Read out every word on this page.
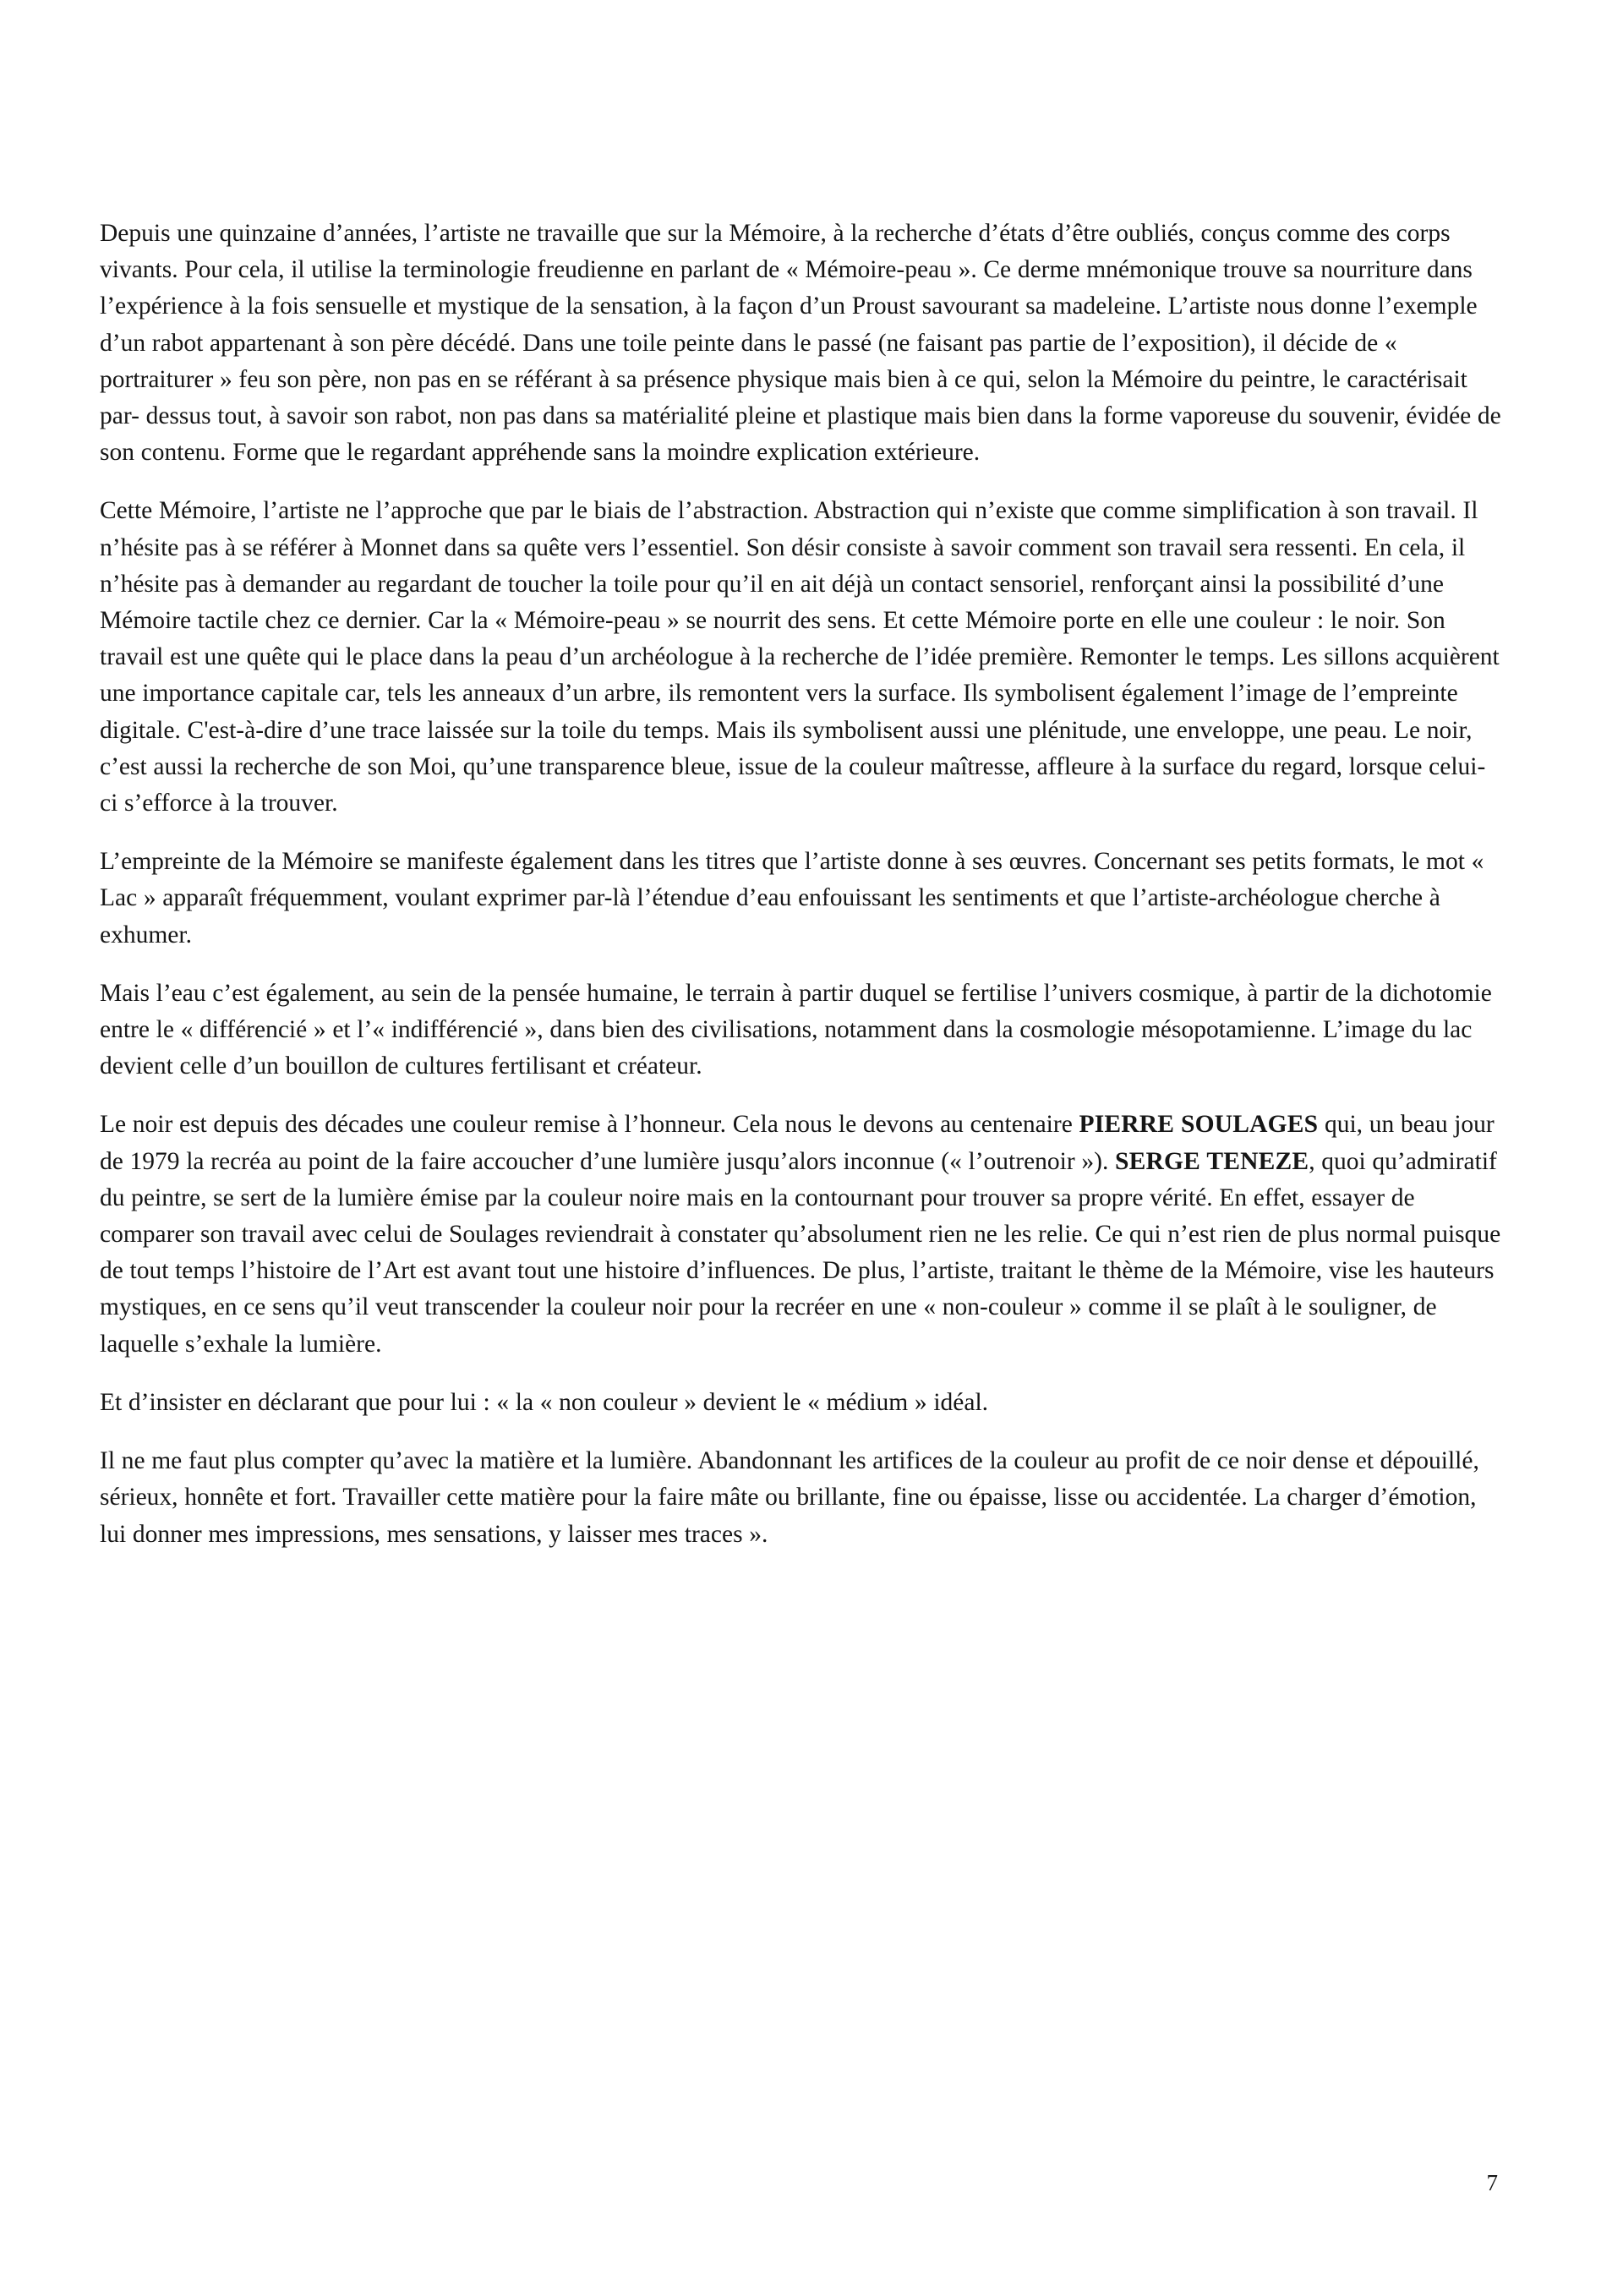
Depuis une quinzaine d’années, l’artiste ne travaille que sur la Mémoire, à la recherche d’états d’être oubliés, conçus comme des corps vivants. Pour cela, il utilise la terminologie freudienne en parlant de « Mémoire-peau ». Ce derme mnémonique trouve sa nourriture dans l’expérience à la fois sensuelle et mystique de la sensation, à la façon d’un Proust savourant sa madeleine. L’artiste nous donne l’exemple d’un rabot appartenant à son père décédé. Dans une toile peinte dans le passé (ne faisant pas partie de l’exposition), il décide de « portraiturer » feu son père, non pas en se référant à sa présence physique mais bien à ce qui, selon la Mémoire du peintre, le caractérisait par- dessus tout, à savoir son rabot, non pas dans sa matérialité pleine et plastique mais bien dans la forme vaporeuse du souvenir, évidée de son contenu. Forme que le regardant appréhende sans la moindre explication extérieure.

Cette Mémoire, l’artiste ne l’approche que par le biais de l’abstraction. Abstraction qui n’existe que comme simplification à son travail. Il n’hésite pas à se référer à Monnet dans sa quête vers l’essentiel. Son désir consiste à savoir comment son travail sera ressenti. En cela, il n’hésite pas à demander au regardant de toucher la toile pour qu’il en ait déjà un contact sensoriel, renforçant ainsi la possibilité d’une Mémoire tactile chez ce dernier. Car la « Mémoire-peau » se nourrit des sens. Et cette Mémoire porte en elle une couleur : le noir. Son travail est une quête qui le place dans la peau d’un archéologue à la recherche de l’idée première. Remonter le temps. Les sillons acquièrent une importance capitale car, tels les anneaux d’un arbre, ils remontent vers la surface. Ils symbolisent également l’image de l’empreinte digitale. C'est-à-dire d’une trace laissée sur la toile du temps. Mais ils symbolisent aussi une plénitude, une enveloppe, une peau. Le noir, c’est aussi la recherche de son Moi, qu’une transparence bleue, issue de la couleur maîtresse, affleure à la surface du regard, lorsque celui-ci s’efforce à la trouver.

L’empreinte de la Mémoire se manifeste également dans les titres que l’artiste donne à ses œuvres. Concernant ses petits formats, le mot « Lac » apparaît fréquemment, voulant exprimer par-là l’étendue d’eau enfouissant les sentiments et que l’artiste-archéologue cherche à exhumer.

Mais l’eau c’est également, au sein de la pensée humaine, le terrain à partir duquel se fertilise l’univers cosmique, à partir de la dichotomie entre le « différencié » et l’« indifférencié », dans bien des civilisations, notamment dans la cosmologie mésopotamienne. L’image du lac devient celle d’un bouillon de cultures fertilisant et créateur.

Le noir est depuis des décades une couleur remise à l’honneur. Cela nous le devons au centenaire PIERRE SOULAGES qui, un beau jour de 1979 la recréa au point de la faire accoucher d’une lumière jusqu’alors inconnue (« l’outrenoir »). SERGE TENEZE, quoi qu’admiratif du peintre, se sert de la lumière émise par la couleur noire mais en la contournant pour trouver sa propre vérité. En effet, essayer de comparer son travail avec celui de Soulages reviendrait à constater qu’absolument rien ne les relie. Ce qui n’est rien de plus normal puisque de tout temps l’histoire de l’Art est avant tout une histoire d’influences. De plus, l’artiste, traitant le thème de la Mémoire, vise les hauteurs mystiques, en ce sens qu’il veut transcender la couleur noir pour la recréer en une « non-couleur » comme il se plaît à le souligner, de laquelle s’exhale la lumière.

Et d’insister en déclarant que pour lui : « la « non couleur » devient le « médium » idéal.

Il ne me faut plus compter qu’avec la matière et la lumière. Abandonnant les artifices de la couleur au profit de ce noir dense et dépouillé, sérieux, honnête et fort. Travailler cette matière pour la faire mâte ou brillante, fine ou épaisse, lisse ou accidentée. La charger d’émotion, lui donner mes impressions, mes sensations, y laisser mes traces ».

7
